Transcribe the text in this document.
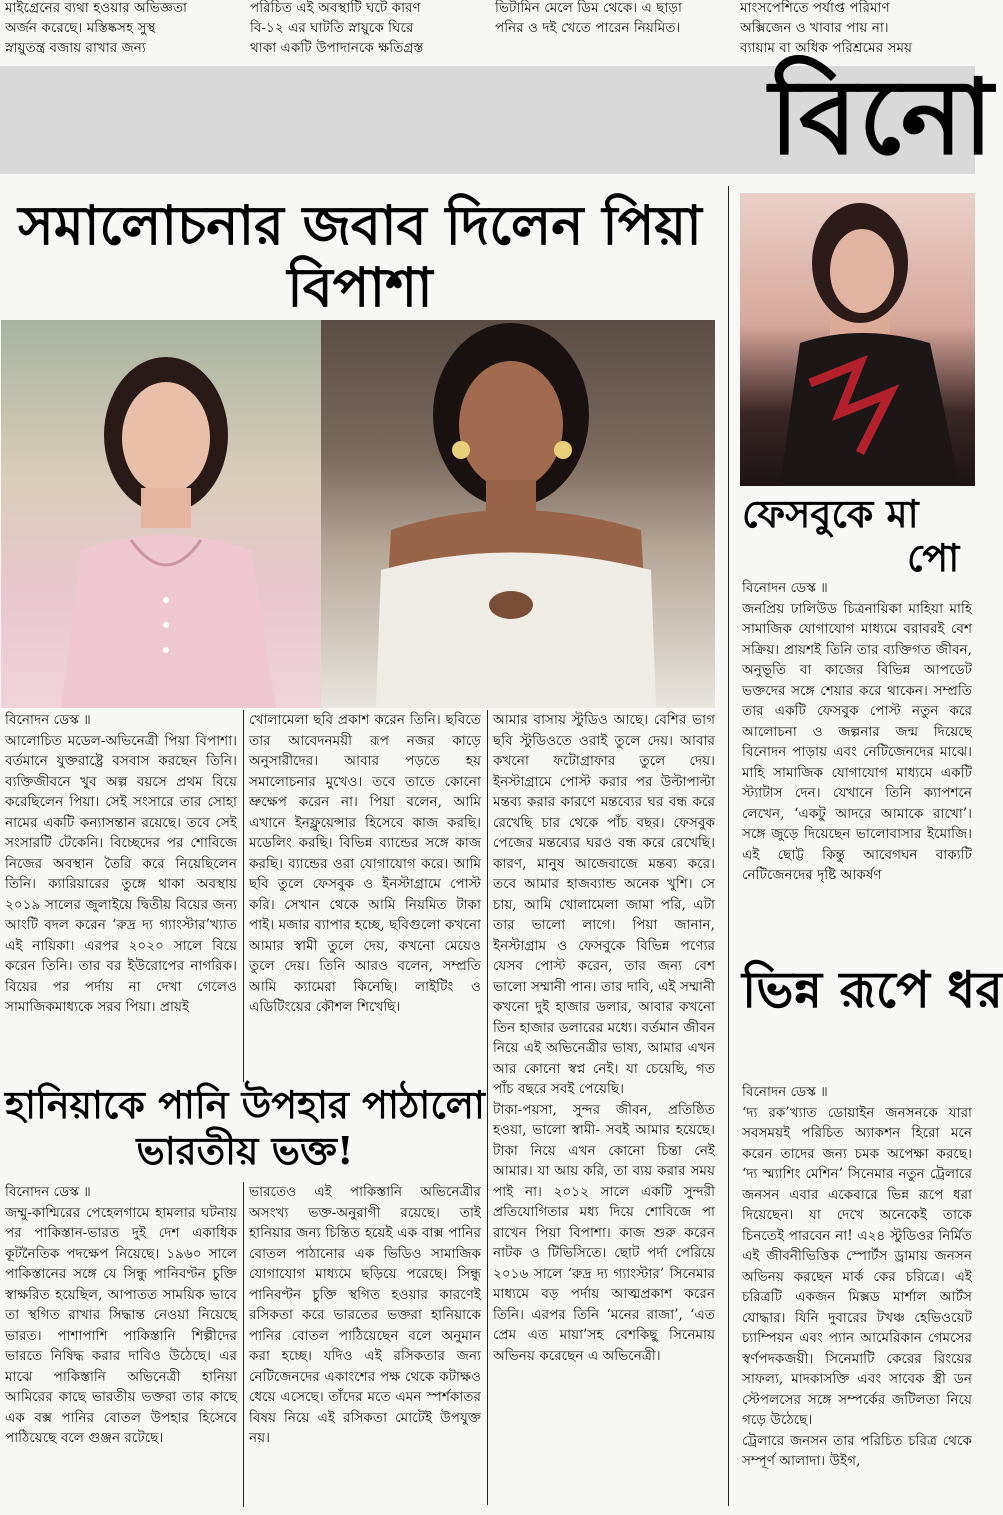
মাইগ্রেনের ব্যথা হওয়ার অভিজ্ঞতা
অর্জন করেছে। মস্তিষ্কসহ সুস্থ
স্নায়ুতন্ত্র বজায় রাখার জন্য
পরিচিত এই অবস্থাটি ঘটে কারণ
বি-১২ এর ঘাটতি স্নায়ুকে ঘিরে
থাকা একটি উপাদানকে ক্ষতিগ্রস্ত
ভিটামিন মেলে ডিম থেকে। এ ছাড়া
পনির ও দই খেতে পারেন নিয়মিত।
মাংসপেশিতে পর্যাপ্ত পরিমাণ
অক্সিজেন ও খাবার পায় না।
ব্যায়াম বা অধিক পরিশ্রমের সময়
বিনো
সমালোচনার জবাব দিলেন পিয়া
বিপাশা
বিনোদন ডেস্ক ॥
আলোচিত মডেল-অভিনেত্রী পিয়া বিপাশা। বর্তমানে যুক্তরাষ্ট্রে বসবাস করছেন তিনি। ব্যক্তিজীবনে খুব অল্প বয়সে প্রথম বিয়ে করেছিলেন পিয়া। সেই সংসারে তার সোহা নামের একটি কন্যাসন্তান রয়েছে। তবে সেই সংসারটি টেকেনি। বিচ্ছেদের পর শোবিজে নিজের অবস্থান তৈরি করে নিয়েছিলেন তিনি। ক্যারিয়ারের তুঙ্গে থাকা অবস্থায় ২০১৯ সালের জুলাইয়ে দ্বিতীয় বিয়ের জন্য আংটি বদল করেন ‘রুদ্র দ্য গ্যাংস্টার’খ্যাত এই নায়িকা। এরপর ২০২০ সালে বিয়ে করেন তিনি। তার বর ইউরোপের নাগরিক। বিয়ের পর পর্দায় না দেখা গেলেও সামাজিকমাধ্যকে সরব পিয়া। প্রায়ই
খোলামেলা ছবি প্রকাশ করেন তিনি। ছবিতে তার আবেদনময়ী রূপ নজর কাড়ে অনুসারীদের। আবার পড়তে হয় সমালোচনার মুখেও। তবে তাতে কোনো ভ্রুক্ষেপ করেন না। পিয়া বলেন, আমি এখানে ইনফ্লুয়েন্সার হিসেবে কাজ করছি। মডেলিং করছি। বিভিন্ন ব্যান্ডের সঙ্গে কাজ করছি। ব্যান্ডের ওরা যোগাযোগ করে। আমি ছবি তুলে ফেসবুক ও ইনস্টাগ্রামে পোস্ট করি। সেখান থেকে আমি নিয়মিত টাকা পাই। মজার ব্যাপার হচ্ছে, ছবিগুলো কখনো আমার স্বামী তুলে দেয়, কখনো মেয়েও তুলে দেয়। তিনি আরও বলেন, সম্প্রতি আমি ক্যামেরা কিনেছি। লাইটিং ও এডিটিংয়ের কৌশল শিখেছি।
আমার বাসায় স্টুডিও আছে। বেশির ভাগ ছবি স্টুডিওতে ওরাই তুলে দেয়। আবার কখনো ফটোগ্রাফার তুলে দেয়। ইনস্টাগ্রামে পোস্ট করার পর উল্টাপাল্টা মন্তব্য করার কারণে মন্তব্যের ঘর বন্ধ করে রেখেছি চার থেকে পাঁচ বছর। ফেসবুক পেজের মন্তব্যের ঘরও বন্ধ করে রেখেছি। কারণ, মানুষ আজেবাজে মন্তব্য করে। তবে আমার হাজব্যান্ড অনেক খুশি। সে চায়, আমি খোলামেলা জামা পরি, এটা তার ভালো লাগে। পিয়া জানান, ইনস্টাগ্রাম ও ফেসবুকে বিভিন্ন পণ্যের যেসব পোস্ট করেন, তার জন্য বেশ ভালো সম্মানী পান। তার দাবি, এই সম্মানী কখনো দুই হাজার ডলার, আবার কখনো তিন হাজার ডলারের মধ্যে। বর্তমান জীবন নিয়ে এই অভিনেত্রীর ভাষ্য, আমার এখন আর কোনো স্বপ্ন নেই। যা চেয়েছি, গত পাঁচ বছরে সবই পেয়েছি।
টাকা-পয়সা, সুন্দর জীবন, প্রতিষ্ঠিত হওয়া, ভালো স্বামী- সবই আমার হয়েছে। টাকা নিয়ে এখন কোনো চিন্তা নেই আমার। যা আয় করি, তা ব্যয় করার সময় পাই না। ২০১২ সালে একটি সুন্দরী প্রতিযোগিতার মধ্য দিয়ে শোবিজে পা রাখেন পিয়া বিপাশা। কাজ শুরু করেন নাটক ও টিভিসিতে। ছোট পর্দা পেরিয়ে ২০১৬ সালে ‘রুদ্র দ্য গ্যাংস্টার’ সিনেমার মাধ্যমে বড় পর্দায় আত্মপ্রকাশ করেন তিনি। এরপর তিনি ‘মনের রাজা’, ‘এত প্রেম এত মায়া’সহ বেশকিছু সিনেমায় অভিনয় করেছেন এ অভিনেত্রী।
হানিয়াকে পানি উপহার পাঠালো
ভারতীয় ভক্ত!
বিনোদন ডেস্ক ॥
জম্মু-কাশ্মিরের পেহেলগামে হামলার ঘটনায় পর পাকিস্তান-ভারত দুই দেশ একাধিক কূটনৈতিক পদক্ষেপ নিয়েছে। ১৯৬০ সালে পাকিস্তানের সঙ্গে যে সিন্ধু পানিবণ্টন চুক্তি স্বাক্ষরিত হয়েছিল, আপাতত সাময়িক ভাবে তা স্থগিত রাখার সিদ্ধান্ত নেওয়া নিয়েছে ভারত। পাশাপাশি পাকিস্তানি শিল্পীদের ভারতে নিষিদ্ধ করার দাবিও উঠেছে। এর মাঝে পাকিস্তানি অভিনেত্রী হানিয়া আমিরের কাছে ভারতীয় ভক্তরা তার কাছে এক বক্স পানির বোতল উপহার হিসেবে পাঠিয়েছে বলে গুঞ্জন রটেছে।
ভারতেও এই পাকিস্তানি অভিনেত্রীর অসংখ্য ভক্ত-অনুরাগী রয়েছে। তাই হানিয়ার জন্য চিন্তিত হয়েই এক বাক্স পানির বোতল পাঠানোর এক ভিডিও সামাজিক যোগাযোগ মাধ্যমে ছড়িয়ে পরেছে। সিন্ধু পানিবণ্টন চুক্তি স্থগিত হওয়ার কারণেই রসিকতা করে ভারতের ভক্তরা হানিয়াকে পানির বোতল পাঠিয়েছেন বলে অনুমান করা হচ্ছে। যদিও এই রসিকতার জন্য নেটিজেনদের একাংশের পক্ষ থেকে কটাক্ষও ধেয়ে এসেছে। তাঁদের মতে এমন স্পর্শকাতর বিষয় নিয়ে এই রসিকতা মোটেই উপযুক্ত নয়।
ফেসবুকে মা
পো
বিনোদন ডেস্ক ॥
জনপ্রিয় ঢালিউড চিত্রনায়িকা মাহিয়া মাহি সামাজিক যোগাযোগ মাধ্যমে বরাবরই বেশ সক্রিয়। প্রায়শই তিনি তার ব্যক্তিগত জীবন, অনুভূতি বা কাজের বিভিন্ন আপডেট ভক্তদের সঙ্গে শেয়ার করে থাকেন। সম্প্রতি তার একটি ফেসবুক পোস্ট নতুন করে আলোচনা ও জল্পনার জন্ম দিয়েছে বিনোদন পাড়ায় এবং নেটিজেনদের মাঝে। মাহি সামাজিক যোগাযোগ মাধ্যমে একটি স্ট্যাটাস দেন। যেখানে তিনি ক্যাপশনে লেখেন, ‘একটু আদরে আমাকে রাখো’। সঙ্গে জুড়ে দিয়েছেন ভালোবাসার ইমোজি। এই ছোট্ট কিন্তু আবেগঘন বাক্যটি নেটিজেনদের দৃষ্টি আকর্ষণ
ভিন্ন রূপে ধর
বিনোদন ডেস্ক ॥
‘দ্য রক’খ্যাত ডোয়াইন জনসনকে যারা সবসময়ই পরিচিত অ্যাকশন হিরো মনে করেন তাদের জন্য চমক অপেক্ষা করছে। ‘দ্য স্ম্যাশিং মেশিন’ সিনেমার নতুন ট্রেলারে জনসন এবার একেবারে ভিন্ন রূপে ধরা দিয়েছেন। যা দেখে অনেকেই তাকে চিনতেই পারবেন না! এ২৪ স্টুডিওর নির্মিত এই জীবনীভিত্তিক স্পোর্টস ড্রামায় জনসন অভিনয় করছেন মার্ক কের চরিত্রে। এই চরিত্রটি একজন মিক্সড মার্শাল আর্টস যোদ্ধার। যিনি দুবারের টখঞ্চ হেভিওয়েট চ্যাম্পিয়ন এবং প্যান আমেরিকান গেমসের স্বর্ণপদকজয়ী। সিনেমাটি কেরের রিংয়ের সাফল্য, মাদকাসক্তি এবং সাবেক স্ত্রী ডন স্টেপলসের সঙ্গে সম্পর্কের জটিলতা নিয়ে গড়ে উঠেছে।
ট্রেলারে জনসন তার পরিচিত চরিত্র থেকে সম্পূর্ণ আলাদা। উইগ,
